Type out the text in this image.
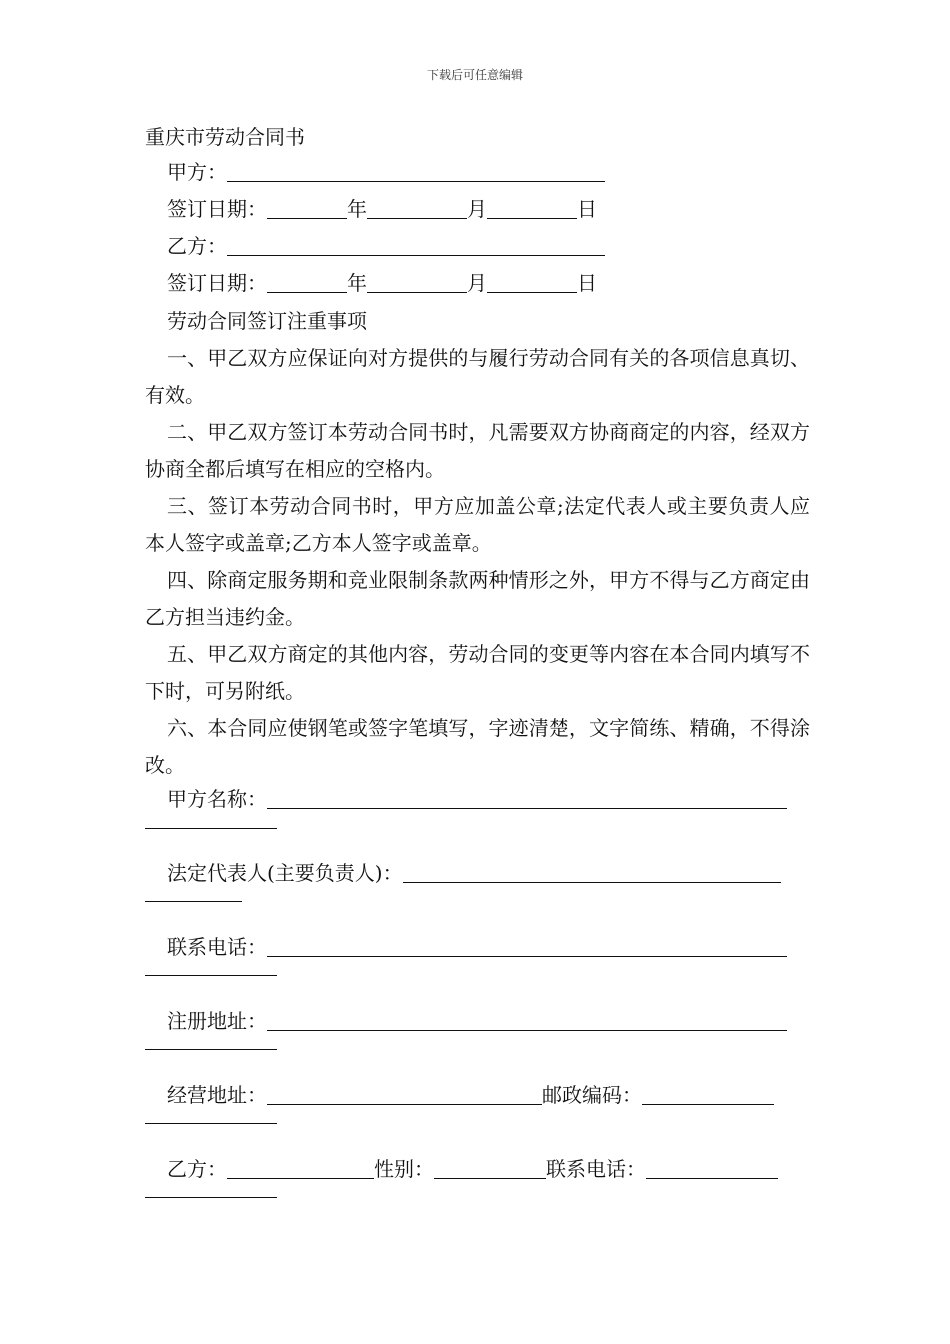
下载后可任意编辑
重庆市劳动合同书
甲方：
签订日期：	年	月	日
乙方：
签订日期：	年	月	日
劳动合同签订注重事项
一、甲乙双方应保证向对方提供的与履行劳动合同有关的各项信息真切、有效。
二、甲乙双方签订本劳动合同书时，凡需要双方协商商定的内容，经双方协商全都后填写在相应的空格内。
三、签订本劳动合同书时，甲方应加盖公章;法定代表人或主要负责人应本人签字或盖章;乙方本人签字或盖章。
四、除商定服务期和竞业限制条款两种情形之外，甲方不得与乙方商定由乙方担当违约金。
五、甲乙双方商定的其他内容，劳动合同的变更等内容在本合同内填写不下时，可另附纸。
六、本合同应使钢笔或签字笔填写，字迹清楚，文字简练、精确，不得涂改。
甲方名称：
法定代表人(主要负责人)：
联系电话：
注册地址：
经营地址：	邮政编码：
乙方：	性别：	联系电话：
